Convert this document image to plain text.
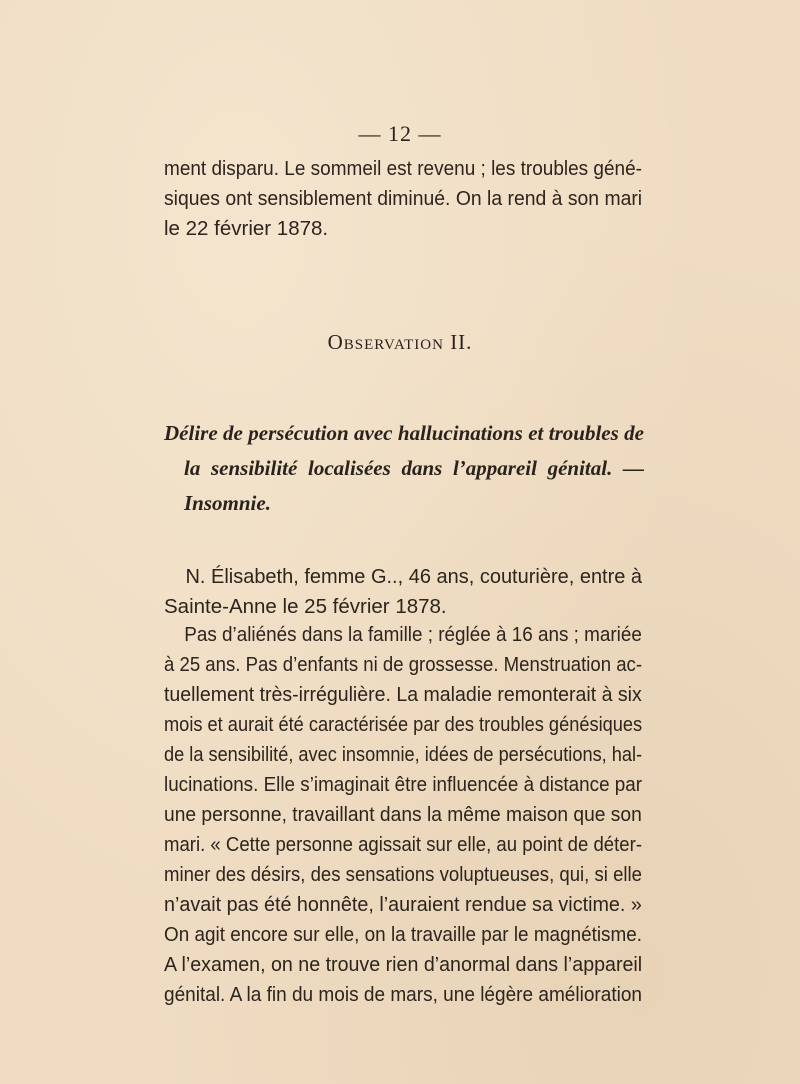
— 12 —
ment disparu. Le sommeil est revenu ; les troubles géné-
siques ont sensiblement diminué. On la rend à son mari
le 22 février 1878.
Observation II.
Délire de persécution avec hallucinations et troubles de
la sensibilité localisées dans l’appareil génital. —
Insomnie.
N. Élisabeth, femme G.., 46 ans, couturière, entre à
Sainte-Anne le 25 février 1878.
Pas d’aliénés dans la famille ; réglée à 16 ans ; mariée
à 25 ans. Pas d’enfants ni de grossesse. Menstruation ac-
tuellement très-irrégulière. La maladie remonterait à six
mois et aurait été caractérisée par des troubles génésiques
de la sensibilité, avec insomnie, idées de persécutions, hal-
lucinations. Elle s’imaginait être influencée à distance par
une personne, travaillant dans la même maison que son
mari. « Cette personne agissait sur elle, au point de déter-
miner des désirs, des sensations voluptueuses, qui, si elle
n’avait pas été honnête, l’auraient rendue sa victime. »
On agit encore sur elle, on la travaille par le magnétisme.
A l’examen, on ne trouve rien d’anormal dans l’appareil
génital. A la fin du mois de mars, une légère amélioration
